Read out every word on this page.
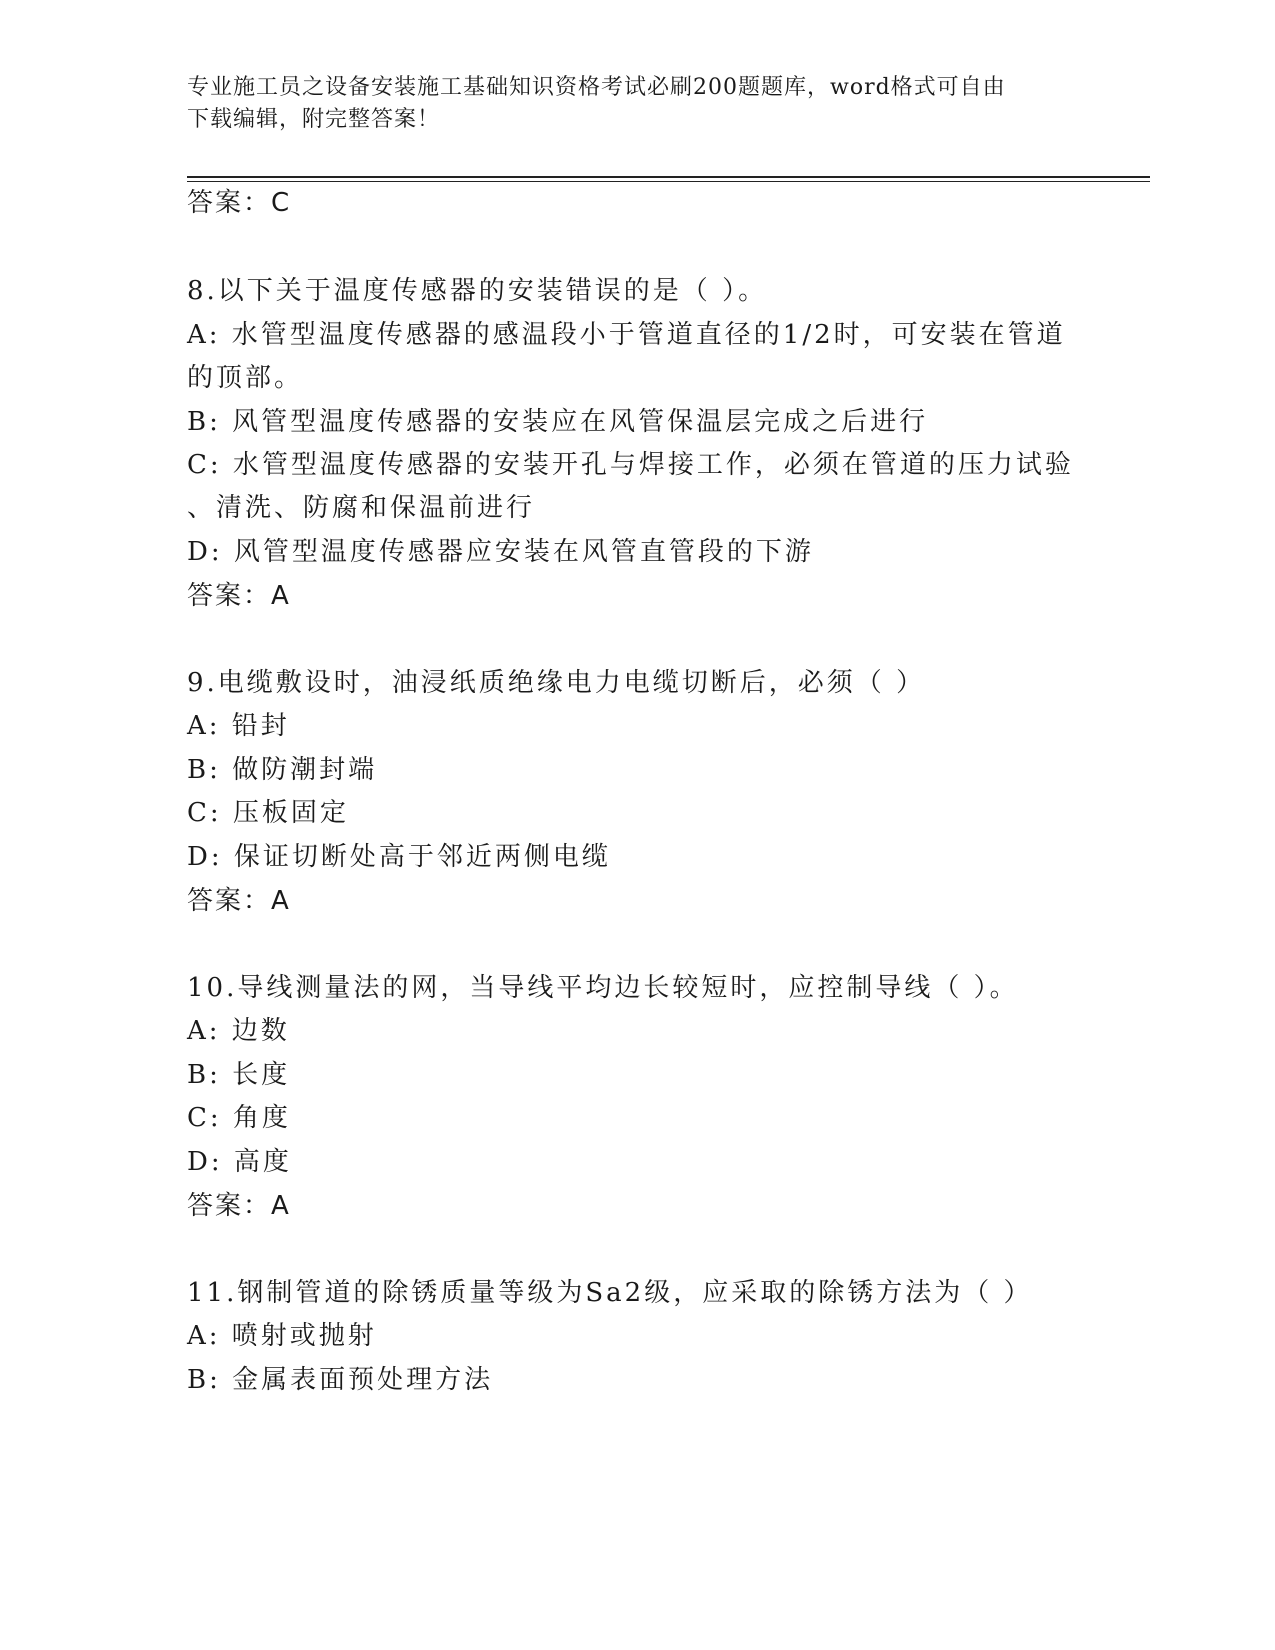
专业施工员之设备安装施工基础知识资格考试必刷200题题库，word格式可自由
下载编辑，附完整答案！
答案：C
8.以下关于温度传感器的安装错误的是（ ）。
A: 水管型温度传感器的感温段小于管道直径的1/2时，可安装在管道
的顶部。
B: 风管型温度传感器的安装应在风管保温层完成之后进行
C: 水管型温度传感器的安装开孔与焊接工作，必须在管道的压力试验
、清洗、防腐和保温前进行
D: 风管型温度传感器应安装在风管直管段的下游
答案：A
9.电缆敷设时，油浸纸质绝缘电力电缆切断后，必须（ ）
A: 铅封
B: 做防潮封端
C: 压板固定
D: 保证切断处高于邻近两侧电缆
答案：A
10.导线测量法的网，当导线平均边长较短时，应控制导线（ ）。
A: 边数
B: 长度
C: 角度
D: 高度
答案：A
11.钢制管道的除锈质量等级为Sa2级，应采取的除锈方法为（ ）
A: 喷射或抛射
B: 金属表面预处理方法
